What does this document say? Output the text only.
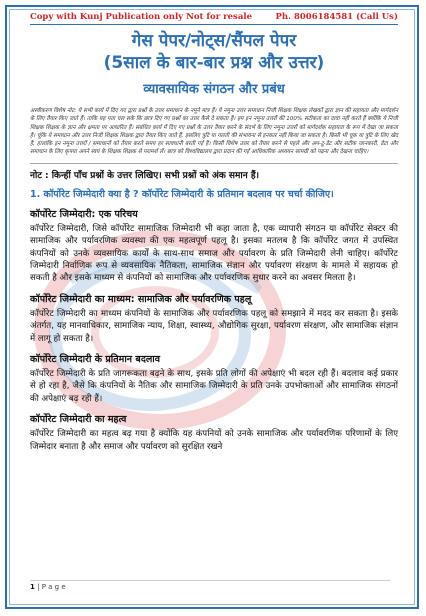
Copy with Kunj Publication only Not for resale	Ph. 8006184581 (Call Us)
गेस पेपर/नोट्स/सैंपल पेपर
(5साल के बार-बार प्रश्न और उत्तर)
व्यावसायिक संगठन और प्रबंध
अस्वीकरण विशेष नोट: ये सभी कार्य में दिए गए द्वारा प्रश्नों के उत्तर समाधान के नमूने मात्र हैं। ये नमूना उत्तर समाधान निजी शिक्षक शिक्षक लेखकों द्वारा ज्ञान की सहायता और मार्गदर्शन के लिए तैयार किए जाते हैं। ताकि यह पता चल सके कि छात्र दिए गए प्रश्नों का उत्तर कैसे दे सकता है। हम इन नमूना उत्तरों की 100% सटीकता का दावा नहीं करते हैं क्योंकि ये निजी शिक्षक शिक्षक के ज्ञान और क्षमता पर आधारित हैं। संबंधित कार्य में दिए गए प्रश्नों के उत्तर तैयार करने के संदर्भ के लिए नमूना उत्तरों को मार्गदर्शक सहायता के रूप में देखा जा सकता है। चूंकि ये समाधान और उत्तर निजी शिक्षक शिक्षक द्वारा तैयार किए जाते हैं, इसलिए त्रुटि या गलती की संभावना से इनकार नहीं किया जा सकता है। किसी भी चूक या त्रुटि के लिए खेद है, हालांकि इन नमूना उत्तरों / समाधानों को तैयार करते समय हर सावधानी बरती गई है। किसी विशेष उत्तर को तैयार करने से पहले और अप-टू-डेट और सटीक जानकारी, डेटा और समाधान के लिए कृपया अपने स्वयं के शिक्षक शिक्षक से परामर्श लें। छात्र को विश्वविद्यालय द्वारा प्रदान की गई आधिकारिक अध्ययन सामग्री को पढ़ना और देखना चाहिए।
नोट : किन्हीं पाँच प्रश्नों के उत्तर लिखिए। सभी प्रश्नों को अंक समान हैं।
1. कॉर्पोरेट जिम्मेदारी क्या है ? कॉर्पोरेट जिम्मेदारी के प्रतिमान बदलाव पर चर्चा कीजिए।
कॉर्पोरेट जिम्मेदारी: एक परिचय

कॉर्पोरेट जिम्मेदारी, जिसे कॉर्पोरेट सामाजिक जिम्मेदारी भी कहा जाता है, एक व्यापारी संगठन या कॉर्पोरेट सेक्टर की सामाजिक और पर्यावरणिक व्यवस्था की एक महत्वपूर्ण पहलू है। इसका मतलब है कि कॉर्पोरेट जगत में उपस्थित कंपनियों को उनके व्यवसायिक कार्यों के साथ-साथ समाज और पर्यावरण के प्रति जिम्मेदारी लेनी चाहिए। कॉर्पोरेट जिम्मेदारी निर्वाणिक रूप से व्यवसायिक नैतिकता, सामाजिक संज्ञान और पर्यावरण संरक्षण के मामले में सहायक हो सकती है और इसके माध्यम से कंपनियों को सामाजिक और पर्यावरणिक सुधार करने का अवसर मिलता है।

कॉर्पोरेट जिम्मेदारी का माध्यम: सामाजिक और पर्यावरणिक पहलू

कॉर्पोरेट जिम्मेदारी का माध्यम कंपनियों के सामाजिक और पर्यावरणिक पहलू को समझाने में मदद कर सकता है। इसके अंतर्गत, यह मानवाधिकार, सामाजिक न्याय, शिक्षा, स्वास्थ्य, औद्योगिक सुरक्षा, पर्यावरण संरक्षण, और सामाजिक संज्ञान में लागू हो सकता है।

कॉर्पोरेट जिम्मेदारी के प्रतिमान बदलाव

कॉर्पोरेट जिम्मेदारी के प्रति जागरूकता बढ़ने के साथ, इसके प्रति लोगों की अपेक्षाएं भी बदल रही हैं। बदलाव कई प्रकार से हो रहा है, जैसे कि कंपनियों के नैतिक और सामाजिक जिम्मेदारी के प्रति उनके उपभोक्ताओं और सामाजिक संगठनों की अपेक्षाएं बढ़ रही हैं।

कॉर्पोरेट जिम्मेदारी का महत्व

कॉर्पोरेट जिम्मेदारी का महत्व बढ़ गया है क्योंकि यह कंपनियों को उनके सामाजिक और पर्यावरणिक परिणामों के लिए जिम्मेदार बनाता है और समाज और पर्यावरण को सुरक्षित रखने

1 | P a g e
